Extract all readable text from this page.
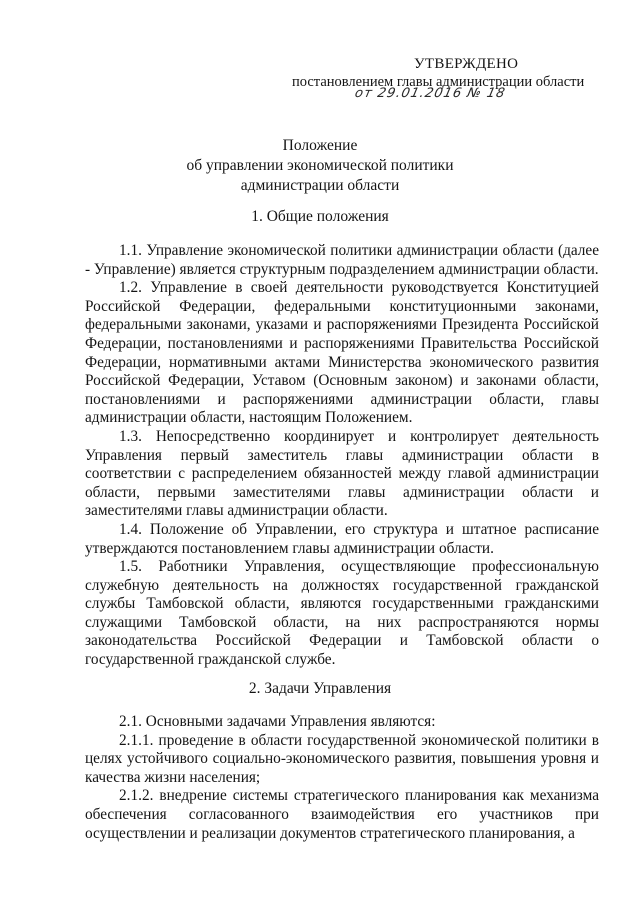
УТВЕРЖДЕНО
постановлением главы администрации области
от 29.01.2016 № 18
Положение
об управлении экономической политики
администрации области
1. Общие положения

1.1. Управление экономической политики администрации области (далее - Управление) является структурным подразделением администрации области.

1.2. Управление в своей деятельности руководствуется Конституцией Российской Федерации, федеральными конституционными законами, федеральными законами, указами и распоряжениями Президента Российской Федерации, постановлениями и распоряжениями Правительства Российской Федерации, нормативными актами Министерства экономического развития Российской Федерации, Уставом (Основным законом) и законами области, постановлениями и распоряжениями администрации области, главы администрации области, настоящим Положением.

1.3. Непосредственно координирует и контролирует деятельность Управления первый заместитель главы администрации области в соответствии с распределением обязанностей между главой администрации области, первыми заместителями главы администрации области и заместителями главы администрации области.

1.4. Положение об Управлении, его структура и штатное расписание утверждаются постановлением главы администрации области.

1.5. Работники Управления, осуществляющие профессиональную служебную деятельность на должностях государственной гражданской службы Тамбовской области, являются государственными гражданскими служащими Тамбовской области, на них распространяются нормы законодательства Российской Федерации и Тамбовской области о государственной гражданской службе.

2. Задачи Управления

2.1. Основными задачами Управления являются:

2.1.1. проведение в области государственной экономической политики в целях устойчивого социально-экономического развития, повышения уровня и качества жизни населения;

2.1.2. внедрение системы стратегического планирования как механизма обеспечения согласованного взаимодействия его участников при осуществлении и реализации документов стратегического планирования, а
